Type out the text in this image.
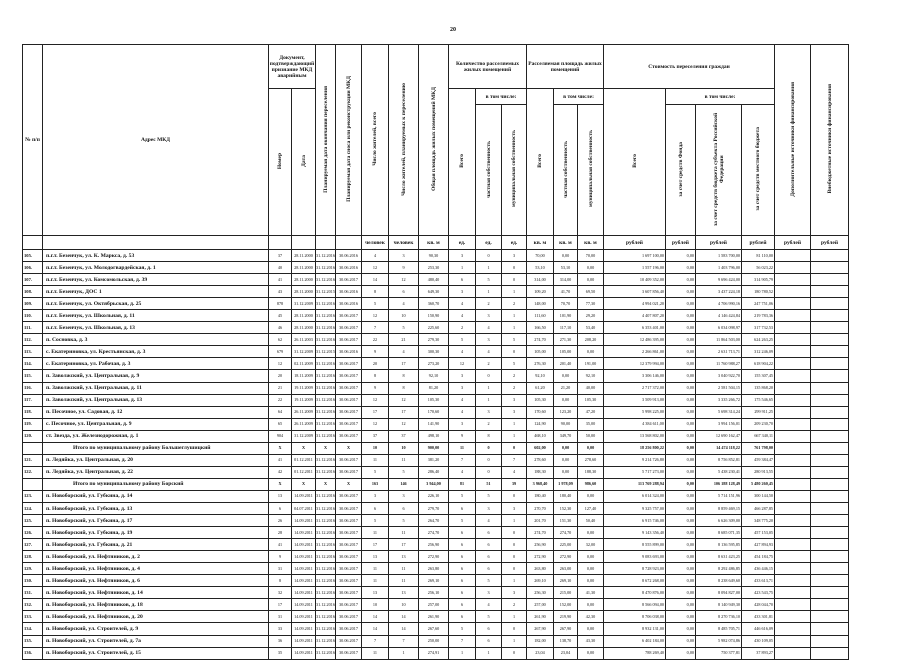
20
№ п/п	Адрес МКД	Документ, подтверждающий признание МКД аварийным		Планируемая дата окончания переселения	Планируемая дата сноса или реконструкции МКД	Число жителей, всего	Число жителей, планируемых к переселению	Общая площадь жилых помещений МКД	Количество расселяемых жилых помещений			Расселяемая площадь жилых помещений			Стоимость переселения граждан				Дополнительные источники финансирования	Внебюджетные источники финансирования
		Номер	Дата						Всего	в том числе:		Всего	в том числе:		Всего	в том числе:				
										частная собственность	муниципальная собственность		частная собственность	муниципальная собственность		за счет средств Фонда	за счет средств бюджета субъекта Российской Федерации	за счет средств местного бюджета		
						человек	человек	кв. м	ед.	ед.	ед.	кв. м	кв. м	кв. м	рублей	рублей	рублей	рублей	рублей	рублей
105.	п.г.т. Безенчук, ул. К. Маркса, д. 53	37	28.11.2000	31.12.2016	30.06.2016	4	3	90,30	3	0	3	70,00	0,00	70,00	1 697 100,00	0,00	1 583 700,00	81 110,00		
106.	п.г.т. Безенчук, ул. Молодогвардейская, д. 1	40	28.11.2000	31.12.2016	30.06.2016	12	9	253,30	1	1	0	53,10	53,10	0,00	1 557 196,00	0,00	1 403 796,00	56 023,22		
107.	п.г.т. Безенчук, ул. Комсомольская, д. 39	41	28.11.2000	31.12.2016	30.06.2017	14	12	480,40	6	5	0	314,00	314,00	0,00	10 409 352,00	0,00	9 696 424,00	314 905,79		
108.	п.г.т. Безенчук, ДОС 1	43	28.11.2000	31.12.2015	30.06.2016	8	6	649,30	3	1	1	109,20	41,70	69,50	3 607 856,40	0,00	3 437 224,18	180 780,52		
109.	п.г.т. Безенчук, ул. Октябрьская, д. 25	878	31.12.2009	31.12.2016	30.06.2016	5	4	360,70	4	2	2	148,00	70,70	77,30	4 994 021,20	0,00	4 706 990,16	247 751,06		
110.	п.г.т. Безенчук, ул. Школьная, д. 11	45	28.11.2000	31.12.2016	30.06.2017	12	10	150,90	4	3	1	111,60	101,90	29,20	4 407 807,20	0,00	4 146 424,84	219 783,36		
111.	п.г.т. Безенчук, ул. Школьная, д. 13	46	28.11.2000	31.12.2016	30.06.2017	7	5	225,60	2	4	1	166,50	117,10	53,40	6 353 401,00	0,00	6 034 098,97	317 732,53		
112.	п. Сосновка, д. 3	62	26.11.2003	31.12.2016	30.06.2017	22	21	279,30	5	3	5	274,70	271,30	208,20	12 486 395,00	0,00	11 864 503,00	624 263,25		
113.	с. Екатериновка, ул. Крестьянская, д. 3	679	31.12.2009	31.12.2015	30.06.2016	9	4	300,30	4	4	0	105,00	105,00	0,00	2 266 861,00	0,00	2 631 713,71	312 246,09		
114.	с. Екатериновка, ул. Рабочая, д. 3	12	02.11.2009	31.12.2016	30.06.2017	20	17	273,20	12	2	5	276,30	201,40	191,00	12 379 994,00	0,00	11 760 988,27	618 904,22		
115.	п. Заволжский, ул. Центральная, д. 9	20	18.11.2009	31.12.2016	30.06.2017	8	8	92,10	3	0	2	92,10	0,00	92,10	3 306 146,00	0,00	3 040 922,70	155 307,45		
116.	п. Заволжский, ул. Центральная, д. 11	21	19.11.2009	31.12.2016	30.06.2017	9	8	81,20	3	1	2	61,20	21,20	40,00	2 717 372,00	0,00	2 581 504,15	135 868,20		
117.	п. Заволжский, ул. Центральная, д. 13	22	19.11.2009	31.12.2016	30.06.2017	12	12	105,30	4	1	3	105,30	0,00	105,30	3 509 913,00	0,00	3 335 266,72	175 546,65		
118.	п. Песочное, ул. Садовая, д. 12	64	26.11.2009	31.12.2016	30.06.2017	17	17	170,60	4	3	3	170,60	123,20	47,20	5 998 225,00	0,00	5 698 314,24	299 911,25		
119.	с. Песочное, ул. Центральная, д. 9	65	26.11.2009	31.12.2016	30.06.2017	12	12	141,90	3	2	1	124,90	90,00	35,00	4 384 611,00	0,00	3 994 156,01	209 230,70		
120.	ст. Звезда, ул. Железнодорожная, д. 1	904	31.12.2009	31.12.2016	30.06.2017	37	37	498,10	9	8	1	468,10	349,70	50,00	13 568 802,00	0,00	12 690 162,47	667 340,11		
	Итого по муниципальному району Большеглушицкий	X	X	X	X	10	10	900,00	11	0	0	602,00	0,00	0,00	18 256 800,22	0,00	14 474 118,22	761 798,00		
121.	п. Ледяйка, ул. Центральная, д. 20	41	01.12.2011	31.12.2016	30.06.2017	11	11	381,20	7	0	7	278,60	0,00	278,60	9 214 726,80	0,00	8 756 852,81	459 384,47		
122.	п. Ледяйка, ул. Центральная, д. 22	42	01.12.2011	31.12.2016	30.06.2017	5	5	286,40	4	0	4	188,30	0,00	188,30	5 717 273,00	0,00	5 438 230,41	280 913,55		
	Итого по муниципальному району Борский	X	X	X	X	163	146	3 944,00	81	51	39	3 968,40	1 978,09	986,60	113 769 288,94	0,00	106 188 128,49	5 480 260,45		
123.	п. Новоборский, ул. Губкина, д. 14	13	14.09.2011	31.12.2016	30.06.2017	3	3	226,10	5	5	0	180,40	180,40	0,00	6 014 324,00	0,00	5 714 151,96	300 144,50		
124.	п. Новоборский, ул. Губкина, д. 13	6	04.07.2011	31.12.2016	30.06.2017	6	6	279,70	6	3	3	270,70	152,30	127,40	9 325 757,00	0,00	8 859 469,15	466 287,85		
125.	п. Новоборский, ул. Губкина, д. 17	26	14.09.2011	31.12.2016	30.06.2017	5	5	264,70	5	4	1	201,70	151,30	50,40	6 915 746,00	0,00	6 626 309,00	348 775,20		
126.	п. Новоборский, ул. Губкина, д. 19	28	14.09.2011	31.12.2016	30.06.2017	11	11	274,70	6	6	0	274,70	274,70	0,00	9 143 356,40	0,00	8 685 071,35	457 153,05		
127.	п. Новоборский, ул. Губкина, д. 21	41	14.09.2011	31.12.2016	30.06.2017	17	17	256,90	6	6	0	256,90	225,00	32,00	8 555 899,00	0,00	8 136 595,85	427 894,93		
128.	п. Новоборский, ул. Нефтяников, д. 2	9	14.09.2011	31.12.2016	30.06.2017	13	13	272,90	6	6	0	272,90	272,90	0,00	9 083 693,00	0,00	8 631 423,25	454 184,75		
129.	п. Новоборский, ул. Нефтяников, д. 4	31	14.09.2011	31.12.2016	30.06.2017	11	11	263,80	6	6	0	263,80	263,00	0,00	8 728 923,00	0,00	8 292 486,85	436 446,15		
130.	п. Новоборский, ул. Нефтяников, д. 6	8	14.09.2011	31.12.2016	30.06.2017	11	11	269,10	6	5	1	269,10	269,10	0,00	8 672 268,00	0,00	8 238 649,60	433 613,71		
131.	п. Новоборский, ул. Нефтяников, д. 14	32	14.09.2011	31.12.2016	30.06.2017	13	13	256,10	6	3	3	256,30	215,00	41,30	8 470 876,00	0,00	8 094 827,00	423 543,75		
132.	п. Новоборский, ул. Нефтяников, д. 18	17	14.09.2011	31.12.2016	30.06.2017	10	10	257,00	6	4	2	257,00	152,00	0,00	8 566 094,00	0,00	8 140 949,30	428 044,70		
133.	п. Новоборский, ул. Нефтяников, д. 20	31	14.09.2011	31.12.2016	30.06.2017	14	14	261,90	6	5	1	261,90	219,90	42,30	8 706 038,00	0,00	8 270 736,10	433 301,81		
134.	п. Новоборский, ул. Строителей, д. 9	33	14.09.2011	31.12.2016	30.06.2017	14	14	267,60	5	6	0	267,90	267,90	0,00	8 932 131,00	0,00	8 485 705,71	446 616,09		
135.	п. Новоборский, ул. Строителей, д. 7а	36	14.09.2011	31.12.2016	30.06.2017	7	7	250,00	7	6	1	182,00	138,70	43,30	6 402 184,00	0,00	5 982 074,86	430 109,05		
136.	п. Новоборский, ул. Строителей, д. 15	35	14.09.2011	31.12.2016	30.06.2017	11	1	274,91	1	1	0	23,04	23,04	0,00	788 269,40	0,00	750 377,81	37 893,27		
